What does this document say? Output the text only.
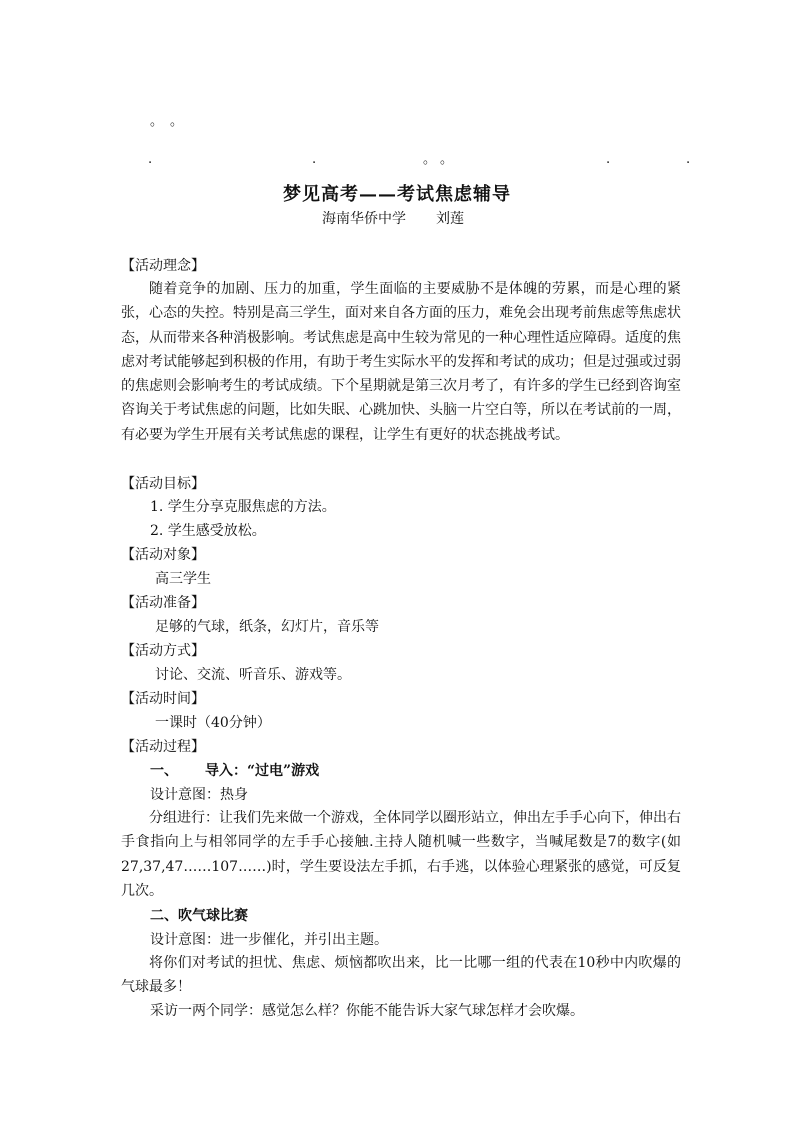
。 。
.	.	。 。	.	.
梦见高考——考试焦虑辅导
海南华侨中学 刘莲
【活动理念】
随着竞争的加剧、压力的加重，学生面临的主要威胁不是体魄的劳累，而是心理的紧张，心态的失控。特别是高三学生，面对来自各方面的压力，难免会出现考前焦虑等焦虑状态，从而带来各种消极影响。考试焦虑是高中生较为常见的一种心理性适应障碍。适度的焦虑对考试能够起到积极的作用，有助于考生实际水平的发挥和考试的成功；但是过强或过弱的焦虑则会影响考生的考试成绩。下个星期就是第三次月考了，有许多的学生已经到咨询室咨询关于考试焦虑的问题，比如失眠、心跳加快、头脑一片空白等，所以在考试前的一周，有必要为学生开展有关考试焦虑的课程，让学生有更好的状态挑战考试。
【活动目标】
1. 学生分享克服焦虑的方法。
2. 学生感受放松。
【活动对象】
高三学生
【活动准备】
足够的气球，纸条，幻灯片，音乐等
【活动方式】
讨论、交流、听音乐、游戏等。
【活动时间】
一课时（40分钟）
【活动过程】
一、 导入：“过电”游戏
设计意图：热身
分组进行：让我们先来做一个游戏，全体同学以圈形站立，伸出左手手心向下，伸出右手食指向上与相邻同学的左手手心接触.主持人随机喊一些数字，当喊尾数是7的数字(如27,37,47……107……)时，学生要设法左手抓，右手逃，以体验心理紧张的感觉，可反复几次。
二、吹气球比赛
设计意图：进一步催化，并引出主题。
将你们对考试的担忧、焦虑、烦恼都吹出来，比一比哪一组的代表在10秒中内吹爆的气球最多！
采访一两个同学：感觉怎么样？你能不能告诉大家气球怎样才会吹爆。
